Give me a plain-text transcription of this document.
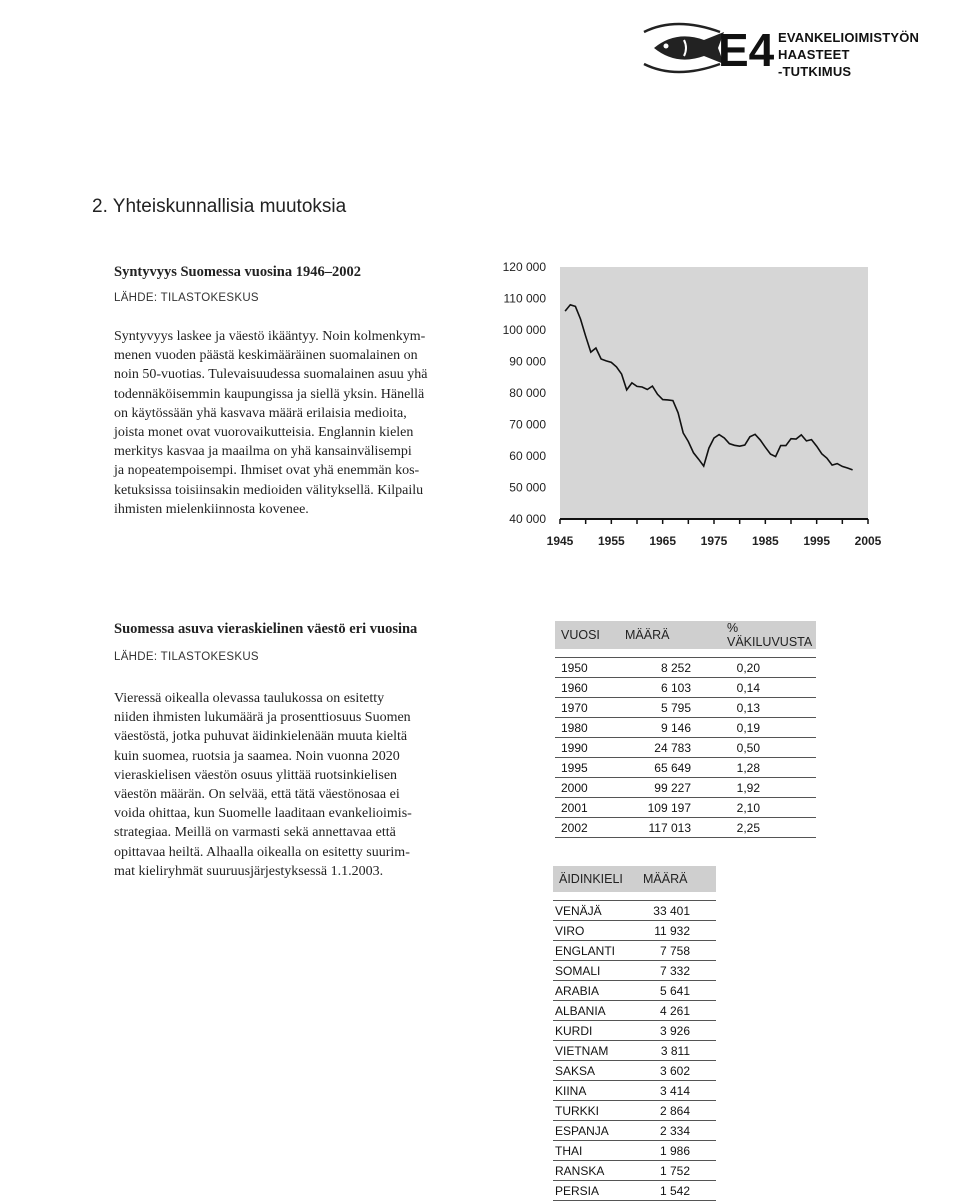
E4 EVANKELIOIMISTYÖN
HAASTEET
-TUTKIMUS
2. Yhteiskunnallisia muutoksia
Syntyvyys Suomessa vuosina 1946–2002
LÄHDE: TILASTOKESKUS
Syntyvyys laskee ja väestö ikääntyy. Noin kolmenkym-
menen vuoden päästä keskimääräinen suomalainen on
noin 50-vuotias. Tulevaisuudessa suomalainen asuu yhä
todennäköisemmin kaupungissa ja siellä yksin. Hänellä
on käytössään yhä kasvava määrä erilaisia medioita,
joista monet ovat vuorovaikutteisia. Englannin kielen
merkitys kasvaa ja maailma on yhä kansainvälisempi
ja nopeatempoisempi. Ihmiset ovat yhä enemmän kos-
ketuksissa toisiinsakin medioiden välityksellä. Kilpailu
ihmisten mielenkiinnosta kovenee.
40 000
50 000
60 000
70 000
80 000
90 000
100 000
110 000
120 000
1945 1955 1965 1975 1985 1995 2005
Suomessa asuva vieraskielinen väestö eri vuosina
LÄHDE: TILASTOKESKUS
Vieressä oikealla olevassa taulukossa on esitetty
niiden ihmisten lukumäärä ja prosenttiosuus Suomen
väestöstä, jotka puhuvat äidinkielenään muuta kieltä
kuin suomea, ruotsia ja saamea. Noin vuonna 2020
vieraskielisen väestön osuus ylittää ruotsinkielisen
väestön määrän. On selvää, että tätä väestönosaa ei
voida ohittaa, kun Suomelle laaditaan evankelioimis-
strategiaa. Meillä on varmasti sekä annettavaa että
opittavaa heiltä. Alhaalla oikealla on esitetty suurim-
mat kieliryhmät suuruusjärjestyksessä 1.1.2003.
VUOSI	MÄÄRÄ	% VÄKILUVUSTA

1950	8 252	0,20
1960	6 103	0,14
1970	5 795	0,13
1980	9 146	0,19
1990	24 783	0,50
1995	65 649	1,28
2000	99 227	1,92
2001	109 197	2,10
2002	117 013	2,25
ÄIDINKIELI	MÄÄRÄ

VENÄJÄ	33 401
VIRO	11 932
ENGLANTI	7 758
SOMALI	7 332
ARABIA	5 641
ALBANIA	4 261
KURDI	3 926
VIETNAM	3 811
SAKSA	3 602
KIINA	3 414
TURKKI	2 864
ESPANJA	2 334
THAI	1 986
RANSKA	1 752
PERSIA	1 542
